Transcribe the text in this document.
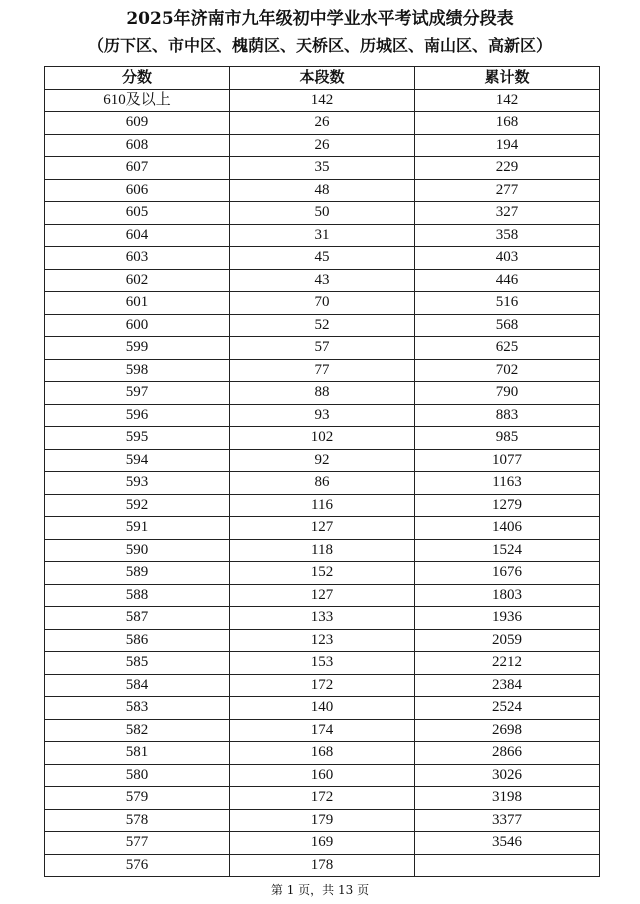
2025年济南市九年级初中学业水平考试成绩分段表
（历下区、市中区、槐荫区、天桥区、历城区、南山区、高新区）
分数	本段数	累计数
610及以上	142	142
609	26	168
608	26	194
607	35	229
606	48	277
605	50	327
604	31	358
603	45	403
602	43	446
601	70	516
600	52	568
599	57	625
598	77	702
597	88	790
596	93	883
595	102	985
594	92	1077
593	86	1163
592	116	1279
591	127	1406
590	118	1524
589	152	1676
588	127	1803
587	133	1936
586	123	2059
585	153	2212
584	172	2384
583	140	2524
582	174	2698
581	168	2866
580	160	3026
579	172	3198
578	179	3377
577	169	3546
576	178	
第 1 页，共 13 页
